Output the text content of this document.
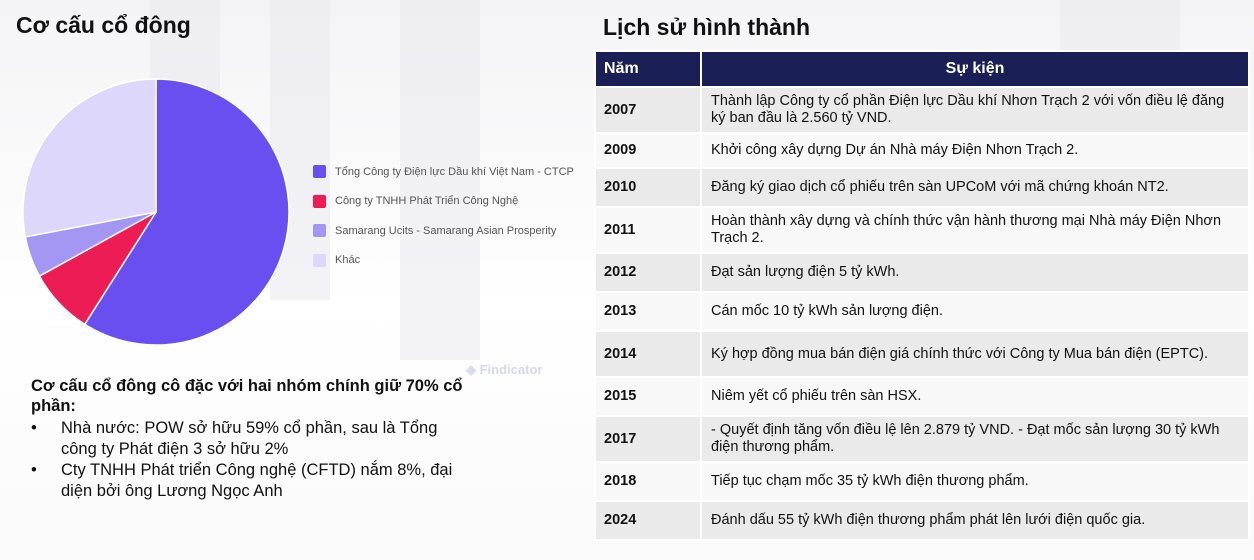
Cơ cấu cổ đông
Tổng Công ty Điện lực Dầu khí Việt Nam - CTCP
Công ty TNHH Phát Triển Công Nghệ
Samarang Ucits - Samarang Asian Prosperity
Khác
◈ Findicator
Cơ cấu cổ đông cô đặc với hai nhóm chính giữ 70% cổ phần:
• Nhà nước: POW sở hữu 59% cổ phần, sau là Tổng công ty Phát điện 3 sở hữu 2%
• Cty TNHH Phát triển Công nghệ (CFTD) nắm 8%, đại diện bởi ông Lương Ngọc Anh
Lịch sử hình thành
Năm	Sự kiện
2007	Thành lập Công ty cổ phần Điện lực Dầu khí Nhơn Trạch 2 với vốn điều lệ đăng ký ban đầu là 2.560 tỷ VND.
2009	Khởi công xây dựng Dự án Nhà máy Điện Nhơn Trạch 2.
2010	Đăng ký giao dịch cổ phiếu trên sàn UPCoM với mã chứng khoán NT2.
2011	Hoàn thành xây dựng và chính thức vận hành thương mại Nhà máy Điện Nhơn Trạch 2.
2012	Đạt sản lượng điện 5 tỷ kWh.
2013	Cán mốc 10 tỷ kWh sản lượng điện.
2014	Ký hợp đồng mua bán điện giá chính thức với Công ty Mua bán điện (EPTC).
2015	Niêm yết cổ phiếu trên sàn HSX.
2017	- Quyết định tăng vốn điều lệ lên 2.879 tỷ VND. - Đạt mốc sản lượng 30 tỷ kWh điện thương phẩm.
2018	Tiếp tục chạm mốc 35 tỷ kWh điện thương phẩm.
2024	Đánh dấu 55 tỷ kWh điện thương phẩm phát lên lưới điện quốc gia.
